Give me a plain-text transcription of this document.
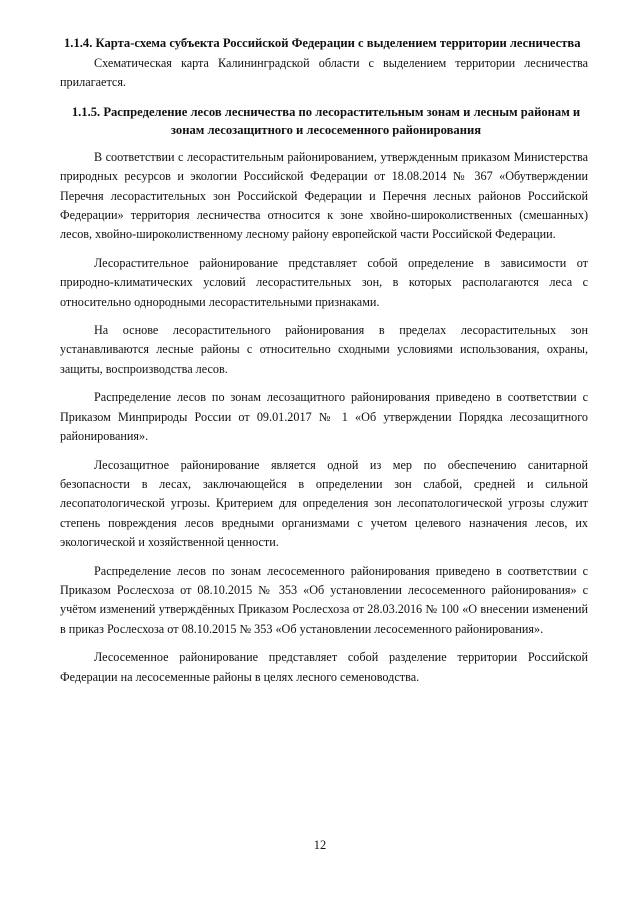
1.1.4. Карта-схема субъекта Российской Федерации с выделением территории лесничества

Схематическая карта Калининградской области с выделением территории лесничества прилагается.

1.1.5. Распределение лесов лесничества по лесорастительным зонам и лесным районам и зонам лесозащитного и лесосеменного районирования

В соответствии с лесорастительным районированием, утвержденным приказом Министерства природных ресурсов и экологии Российской Федерации от 18.08.2014 № 367 «Обутверждении Перечня лесорастительных зон Российской Федерации и Перечня лесных районов Российской Федерации» территория лесничества относится к зоне хвойно-широколиственных (смешанных) лесов, хвойно-широколиственному лесному району европейской части Российской Федерации.

Лесорастительное районирование представляет собой определение в зависимости от природно-климатических условий лесорастительных зон, в которых располагаются леса с относительно однородными лесорастительными признаками.

На основе лесорастительного районирования в пределах лесорастительных зон устанавливаются лесные районы с относительно сходными условиями использования, охраны, защиты, воспроизводства лесов.

Распределение лесов по зонам лесозащитного районирования приведено в соответствии с Приказом Минприроды России от 09.01.2017 № 1 «Об утверждении Порядка лесозащитного районирования».

Лесозащитное районирование является одной из мер по обеспечению санитарной безопасности в лесах, заключающейся в определении зон слабой, средней и сильной лесопатологической угрозы. Критерием для определения зон лесопатологической угрозы служит степень повреждения лесов вредными организмами с учетом целевого назначения лесов, их экологической и хозяйственной ценности.

Распределение лесов по зонам лесосеменного районирования приведено в соответствии с Приказом Рослесхоза от 08.10.2015 № 353 «Об установлении лесосеменного районирования» с учётом изменений утверждённых Приказом Рослесхоза от 28.03.2016 № 100 «О внесении изменений в приказ Рослесхоза от 08.10.2015 № 353 «Об установлении лесосеменного районирования».

Лесосеменное районирование представляет собой разделение территории Российской Федерации на лесосеменные районы в целях лесного семеноводства.

12
